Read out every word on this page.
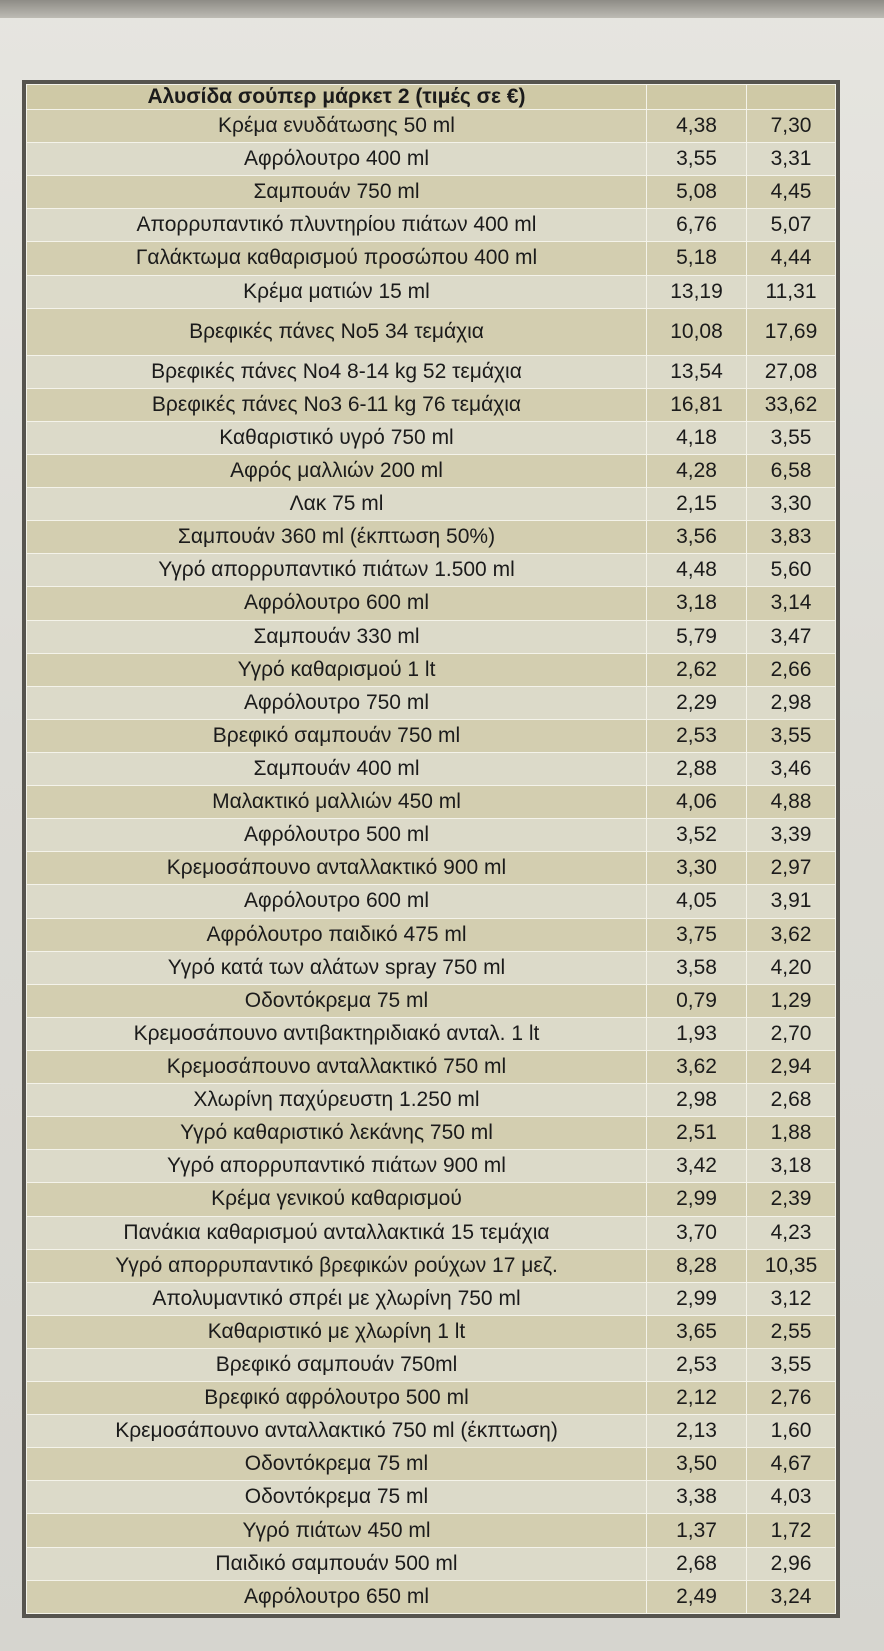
Αλυσίδα σούπερ μάρκετ 2 (τιμές σε €)		
Κρέμα ενυδάτωσης 50 ml	4,38	7,30
Αφρόλουτρο 400 ml	3,55	3,31
Σαμπουάν 750 ml	5,08	4,45
Απορρυπαντικό πλυντηρίου πιάτων 400 ml	6,76	5,07
Γαλάκτωμα καθαρισμού προσώπου 400 ml	5,18	4,44
Κρέμα ματιών 15 ml	13,19	11,31
Βρεφικές πάνες Νο5 34 τεμάχια	10,08	17,69
Βρεφικές πάνες Νο4 8-14 kg 52 τεμάχια	13,54	27,08
Βρεφικές πάνες Νο3 6-11 kg 76 τεμάχια	16,81	33,62
Καθαριστικό υγρό 750 ml	4,18	3,55
Αφρός μαλλιών 200 ml	4,28	6,58
Λακ 75 ml	2,15	3,30
Σαμπουάν 360 ml (έκπτωση 50%)	3,56	3,83
Υγρό απορρυπαντικό πιάτων 1.500 ml	4,48	5,60
Αφρόλουτρο 600 ml	3,18	3,14
Σαμπουάν 330 ml	5,79	3,47
Υγρό καθαρισμού 1 lt	2,62	2,66
Αφρόλουτρο 750 ml	2,29	2,98
Βρεφικό σαμπουάν 750 ml	2,53	3,55
Σαμπουάν 400 ml	2,88	3,46
Μαλακτικό μαλλιών 450 ml	4,06	4,88
Αφρόλουτρο 500 ml	3,52	3,39
Κρεμοσάπουνο ανταλλακτικό 900 ml	3,30	2,97
Αφρόλουτρο 600 ml	4,05	3,91
Αφρόλουτρο παιδικό 475 ml	3,75	3,62
Υγρό κατά των αλάτων spray 750 ml	3,58	4,20
Οδοντόκρεμα 75 ml	0,79	1,29
Κρεμοσάπουνο αντιβακτηριδιακό ανταλ. 1 lt	1,93	2,70
Κρεμοσάπουνο ανταλλακτικό 750 ml	3,62	2,94
Χλωρίνη παχύρευστη 1.250 ml	2,98	2,68
Υγρό καθαριστικό λεκάνης 750 ml	2,51	1,88
Υγρό απορρυπαντικό πιάτων 900 ml	3,42	3,18
Κρέμα γενικού καθαρισμού	2,99	2,39
Πανάκια καθαρισμού ανταλλακτικά 15 τεμάχια	3,70	4,23
Υγρό απορρυπαντικό βρεφικών ρούχων 17 μεζ.	8,28	10,35
Απολυμαντικό σπρέι με χλωρίνη 750 ml	2,99	3,12
Καθαριστικό με χλωρίνη 1 lt	3,65	2,55
Βρεφικό σαμπουάν 750ml	2,53	3,55
Βρεφικό αφρόλουτρο 500 ml	2,12	2,76
Κρεμοσάπουνο ανταλλακτικό 750 ml (έκπτωση)	2,13	1,60
Οδοντόκρεμα 75 ml	3,50	4,67
Οδοντόκρεμα 75 ml	3,38	4,03
Υγρό πιάτων 450 ml	1,37	1,72
Παιδικό σαμπουάν 500 ml	2,68	2,96
Αφρόλουτρο 650 ml	2,49	3,24
